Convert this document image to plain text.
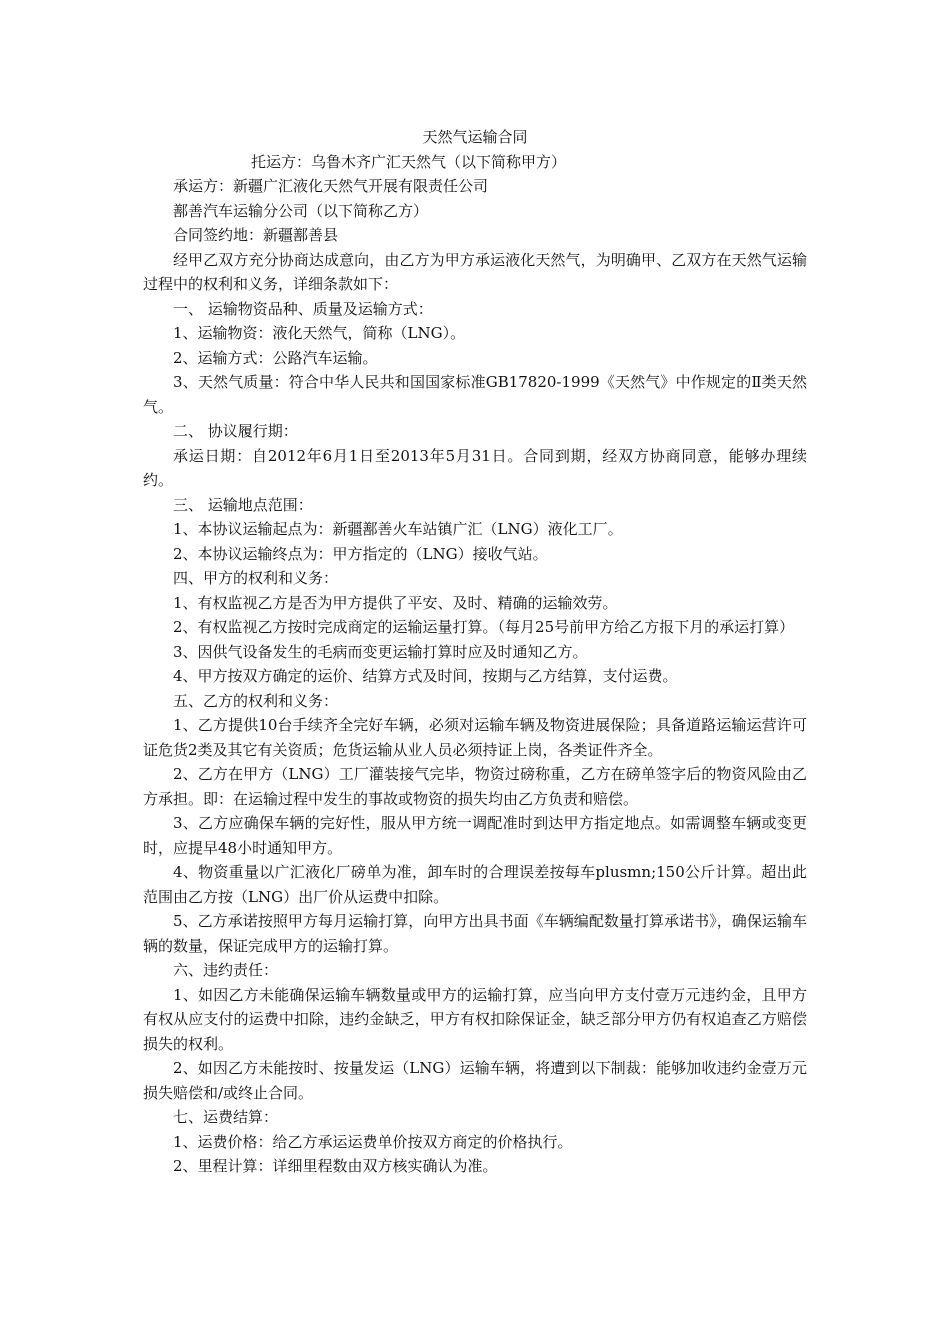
天然气运输合同

托运方：乌鲁木齐广汇天然气（以下简称甲方）

承运方：新疆广汇液化天然气开展有限责任公司

鄯善汽车运输分公司（以下简称乙方）

合同签约地：新疆鄯善县

经甲乙双方充分协商达成意向，由乙方为甲方承运液化天然气，为明确甲、乙双方在天然气运输过程中的权利和义务，详细条款如下：

一、 运输物资品种、质量及运输方式：

1、运输物资：液化天然气，简称（LNG）。

2、运输方式：公路汽车运输。

3、天然气质量：符合中华人民共和国国家标准GB17820-1999《天然气》中作规定的Ⅱ类天然气。

二、 协议履行期：

承运日期：自2012年6月1日至2013年5月31日。合同到期，经双方协商同意，能够办理续约。

三、 运输地点范围：

1、本协议运输起点为：新疆鄯善火车站镇广汇（LNG）液化工厂。

2、本协议运输终点为：甲方指定的（LNG）接收气站。

四、甲方的权利和义务：

1、有权监视乙方是否为甲方提供了平安、及时、精确的运输效劳。

2、有权监视乙方按时完成商定的运输运量打算。（每月25号前甲方给乙方报下月的承运打算）

3、因供气设备发生的毛病而变更运输打算时应及时通知乙方。

4、甲方按双方确定的运价、结算方式及时间，按期与乙方结算，支付运费。

五、乙方的权利和义务：

1、乙方提供10台手续齐全完好车辆，必须对运输车辆及物资进展保险；具备道路运输运营许可证危货2类及其它有关资质；危货运输从业人员必须持证上岗，各类证件齐全。

2、乙方在甲方（LNG）工厂灌装接气完毕，物资过磅称重，乙方在磅单签字后的物资风险由乙方承担。即：在运输过程中发生的事故或物资的损失均由乙方负责和赔偿。

3、乙方应确保车辆的完好性，服从甲方统一调配准时到达甲方指定地点。如需调整车辆或变更时，应提早48小时通知甲方。

4、物资重量以广汇液化厂磅单为准，卸车时的合理误差按每车plusmn;150公斤计算。超出此范围由乙方按（LNG）出厂价从运费中扣除。

5、乙方承诺按照甲方每月运输打算，向甲方出具书面《车辆编配数量打算承诺书》，确保运输车辆的数量，保证完成甲方的运输打算。

六、违约责任：

1、如因乙方未能确保运输车辆数量或甲方的运输打算，应当向甲方支付壹万元违约金，且甲方有权从应支付的运费中扣除，违约金缺乏，甲方有权扣除保证金，缺乏部分甲方仍有权追查乙方赔偿损失的权利。

2、如因乙方未能按时、按量发运（LNG）运输车辆，将遭到以下制裁：能够加收违约金壹万元损失赔偿和/或终止合同。

七、运费结算：

1、运费价格：给乙方承运运费单价按双方商定的价格执行。

2、里程计算：详细里程数由双方核实确认为准。
